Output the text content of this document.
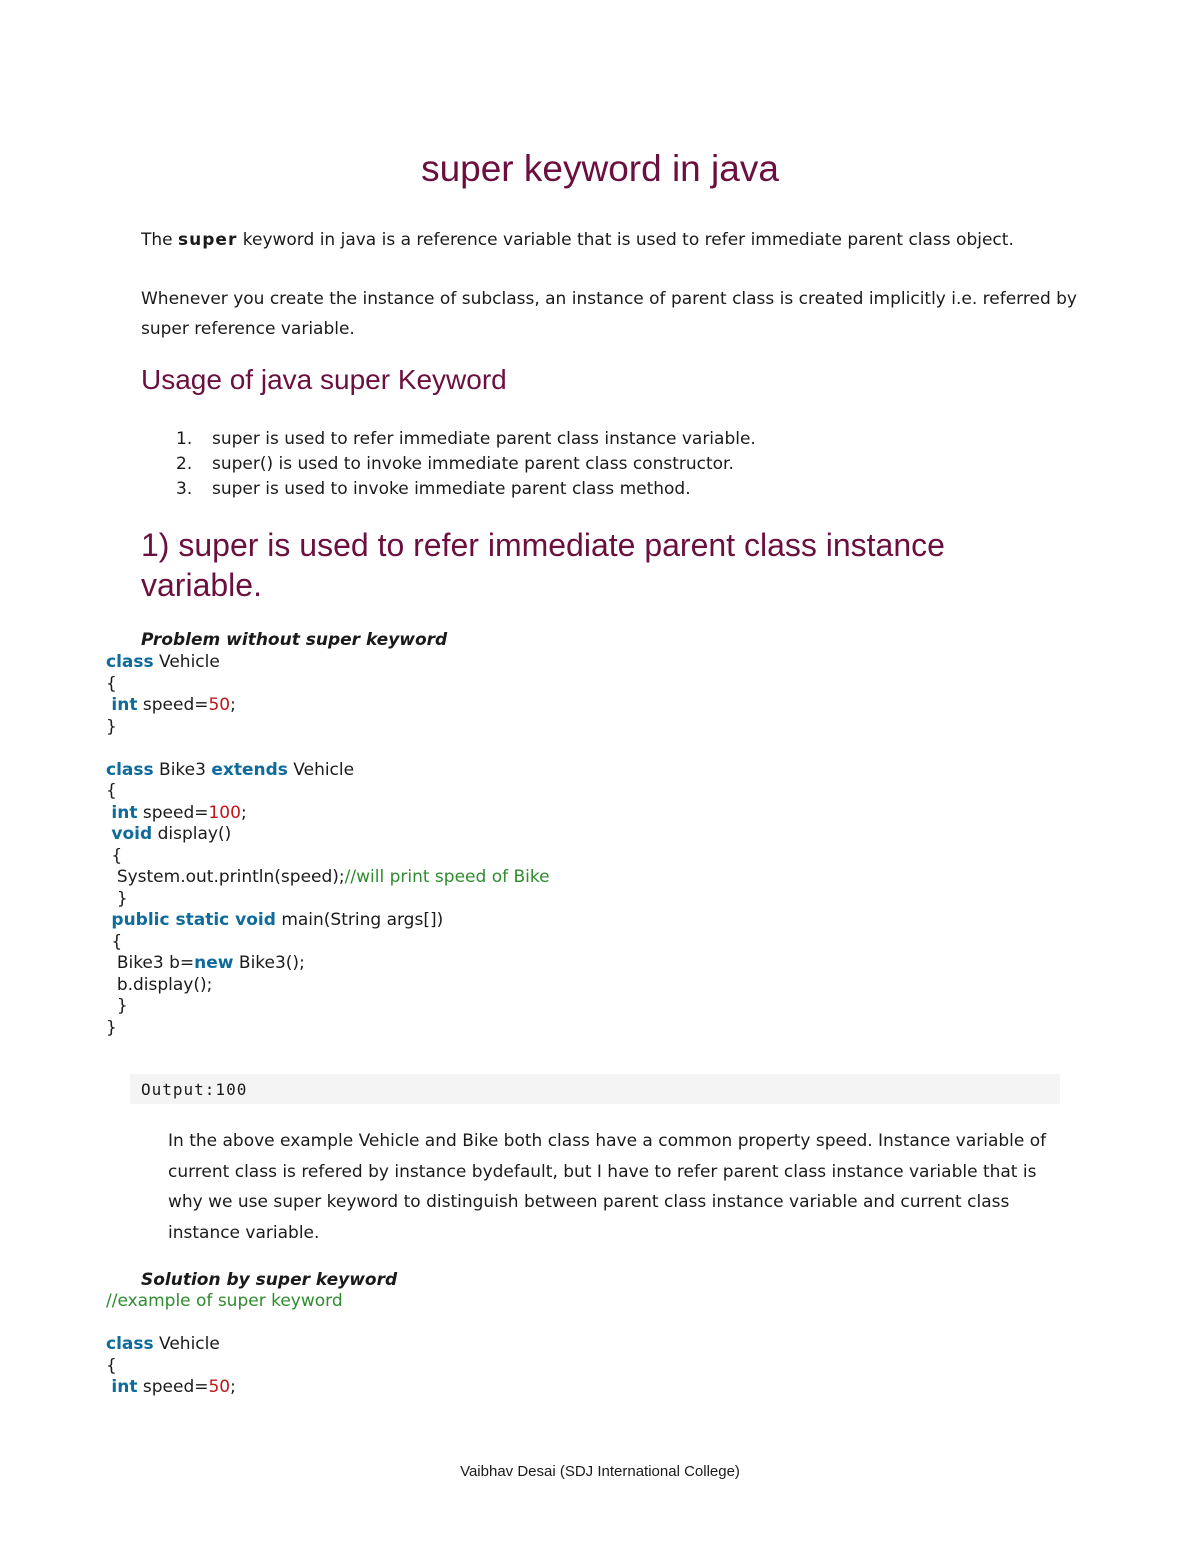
super keyword in java

The super keyword in java is a reference variable that is used to refer immediate parent class object.

Whenever you create the instance of subclass, an instance of parent class is created implicitly i.e. referred by super reference variable.

Usage of java super Keyword
1. super is used to refer immediate parent class instance variable.
2. super() is used to invoke immediate parent class constructor.
3. super is used to invoke immediate parent class method.
1) super is used to refer immediate parent class instance variable.

Problem without super keyword

class Vehicle
{
int speed=50;
}

class Bike3 extends Vehicle
{
int speed=100;
void display()
{
System.out.println(speed);//will print speed of Bike
}
public static void main(String args[])
{
Bike3 b=new Bike3();
b.display();
}
}
Output:100

In the above example Vehicle and Bike both class have a common property speed. Instance variable of current class is refered by instance bydefault, but I have to refer parent class instance variable that is why we use super keyword to distinguish between parent class instance variable and current class instance variable.

Solution by super keyword

//example of super keyword

class Vehicle
{
int speed=50;
Vaibhav Desai (SDJ International College)
